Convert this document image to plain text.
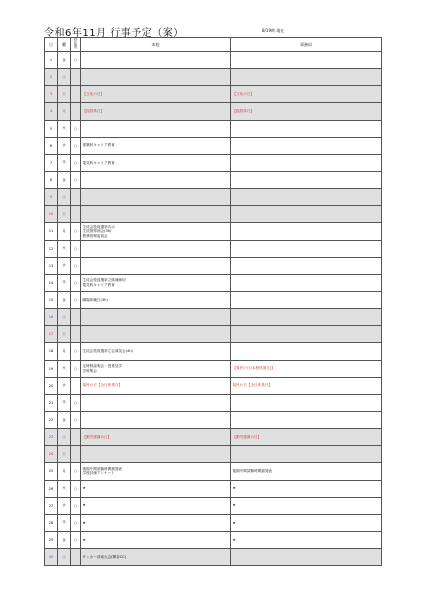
令和6年11月 行事予定（案）	8/19時 現在
日	曜	昼
給
食	本校	事務局
1	金	○		
2	土			
3	日		【文化の日】	【文化の日】
4	月		【振替休日】	【振替休日】
5	火	○		
6	水	○	建築科キャリア教育	
7	木	○	電気科キャリア教育	
8	金	○		
9	土			
10	日			
11	月	○	生徒会役員選挙告示
生徒指導部会(3h)
教務管理委員会	
12	火	○		
13	水	○		
14	木	○	生徒会役員選挙立候補締切
電気科キャリア教育	
15	金	○	職場体験日(3h)	
16	土			
17	日			
18	月	○	生徒会役員選挙立会演説会(4h)	
19	火	○	定時制説明会・授業見学
学科集会	【県民の日(本校休業日)】
20	水		県民の日【全日休業日】	県民の日【全日休業日】
21	木	○		
22	金	○		
23	土		【勤労感謝の日】	【勤労感謝の日】
24	日			
25	月	○	後期中間試験時間割発表
学校評価アンケート	後期中間試験時間割発表
26	火	○	★	★
27	水	○	★	★
28	木	○	★	★
29	金	○	★	★
30	土		サッカー部東大会(陣谷CC)	
